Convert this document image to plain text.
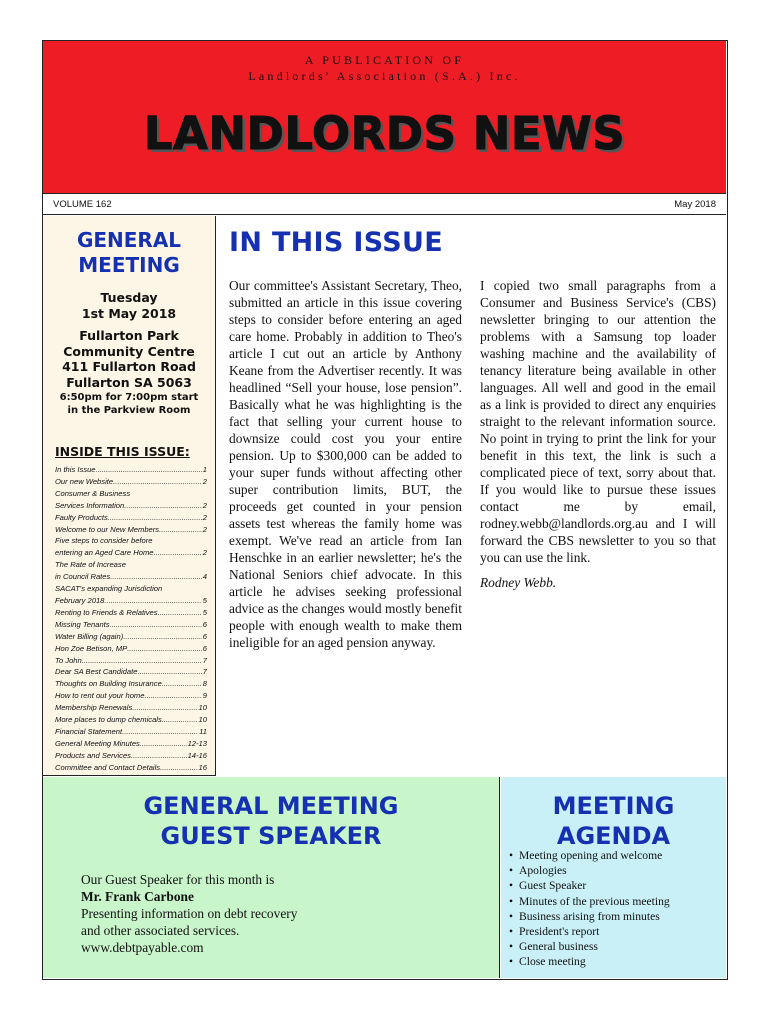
A PUBLICATION OF
Landlords' Association (S.A.) Inc.
LANDLORDS NEWS
VOLUME 162	May 2018
GENERAL
MEETING
Tuesday
1st May 2018
Fullarton Park
Community Centre
411 Fullarton Road
Fullarton SA 5063
6:50pm for 7:00pm start
in the Parkview Room
INSIDE THIS ISSUE:
In this Issue .....	1
Our new Website .....	2
Consumer & Business
Services Information .....	2
Faulty Products .....	2
Welcome to our New Members .....	2
Five steps to consider before
entering an Aged Care Home .....	2
The Rate of Increase
in Council Rates .....	4
SACAT's expanding Jurisdiction
February 2018 .....	5
Renting to Friends & Relatives .....	5
Missing Tenants .....	6
Water Billing (again) .....	6
Hon Zoe Betison, MP .....	6
To John .....	7
Dear SA Best Candidate .....	7
Thoughts on Building Insurance .....	8
How to rent out your home .....	9
Membership Renewals .....	10
More places to dump chemicals .....	10
Financial Statement .....	11
General Meeting Minutes .....	12-13
Products and Services .....	14-16
Committee and Contact Details .....	16
IN THIS ISSUE

Our committee's Assistant Secretary, Theo, submitted an article in this issue covering steps to consider before entering an aged care home. Probably in addition to Theo's article I cut out an article by Anthony Keane from the Advertiser recently. It was headlined “Sell your house, lose pension”. Basically what he was highlighting is the fact that selling your current house to downsize could cost you your entire pension. Up to $300,000 can be added to your super funds without affecting other super contribution limits, BUT, the proceeds get counted in your pension assets test whereas the family home was exempt. We've read an article from Ian Henschke in an earlier newsletter; he's the National Seniors chief advocate. In this article he advises seeking professional advice as the changes would mostly benefit people with enough wealth to make them ineligible for an aged pension anyway.

I copied two small paragraphs from a Consumer and Business Service's (CBS) newsletter bringing to our attention the problems with a Samsung top loader washing machine and the availability of tenancy literature being available in other languages. All well and good in the email as a link is provided to direct any enquiries straight to the relevant information source. No point in trying to print the link for your benefit in this text, the link is such a complicated piece of text, sorry about that. If you would like to pursue these issues contact me by email, rodney.webb@landlords.org.au and I will forward the CBS newsletter to you so that you can use the link.

Rodney Webb.

GENERAL MEETING
GUEST SPEAKER
Our Guest Speaker for this month is
Mr. Frank Carbone
Presenting information on debt recovery
and other associated services.
www.debtpayable.com
MEETING
AGENDA
• Meeting opening and welcome
• Apologies
• Guest Speaker
• Minutes of the previous meeting
• Business arising from minutes
• President's report
• General business
• Close meeting
